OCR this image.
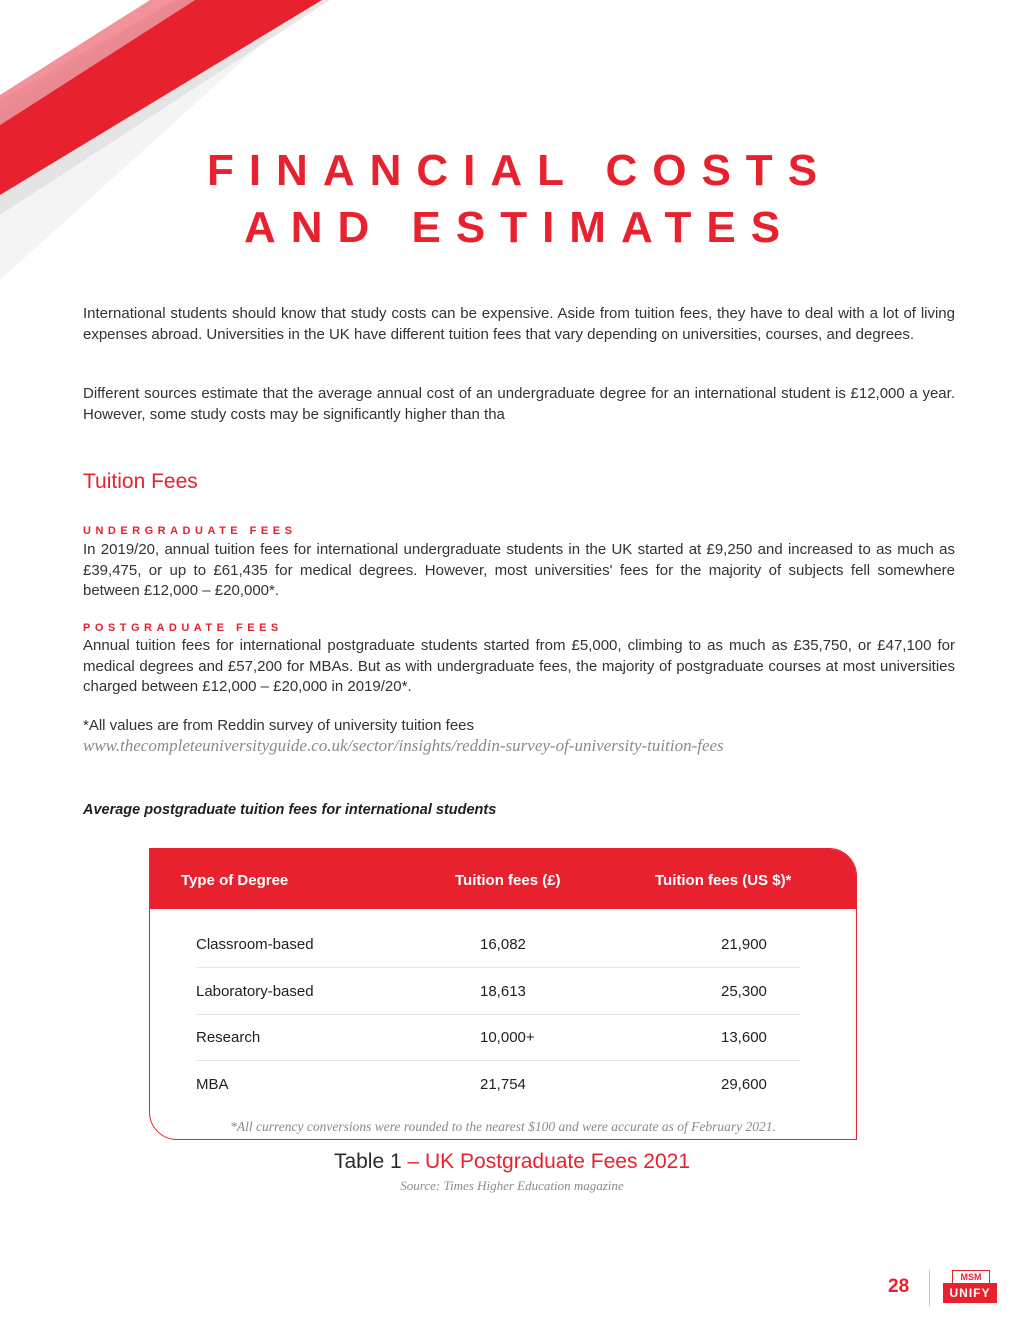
FINANCIAL COSTS
AND ESTIMATES

International students should know that study costs can be expensive. Aside from tuition fees, they have to deal with a lot of living expenses abroad. Universities in the UK have different tuition fees that vary depending on universities, courses, and degrees.

Different sources estimate that the average annual cost of an undergraduate degree for an international student is £12,000 a year. However, some study costs may be significantly higher than tha

Tuition Fees
UNDERGRADUATE FEES

In 2019/20, annual tuition fees for international undergraduate students in the UK started at £9,250 and increased to as much as £39,475, or up to £61,435 for medical degrees. However, most universities' fees for the majority of subjects fell somewhere between £12,000 – £20,000*.

POSTGRADUATE FEES

Annual tuition fees for international postgraduate students started from £5,000, climbing to as much as £35,750, or £47,100 for medical degrees and £57,200 for MBAs. But as with undergraduate fees, the majority of postgraduate courses at most universities charged between £12,000 – £20,000 in 2019/20*.

*All values are from Reddin survey of university tuition fees

www.thecompleteuniversityguide.co.uk/sector/insights/reddin-survey-of-university-tuition-fees
Average postgraduate tuition fees for international students
Type of Degree	Tuition fees (£)	Tuition fees (US $)*
Classroom-based	16,082	21,900
Laboratory-based	18,613	25,300
Research	10,000+	13,600
MBA	21,754	29,600
*All currency conversions were rounded to the nearest $100 and were accurate as of February 2021.
Table 1 – UK Postgraduate Fees 2021
Source: Times Higher Education magazine
28	MSM
UNIFY
